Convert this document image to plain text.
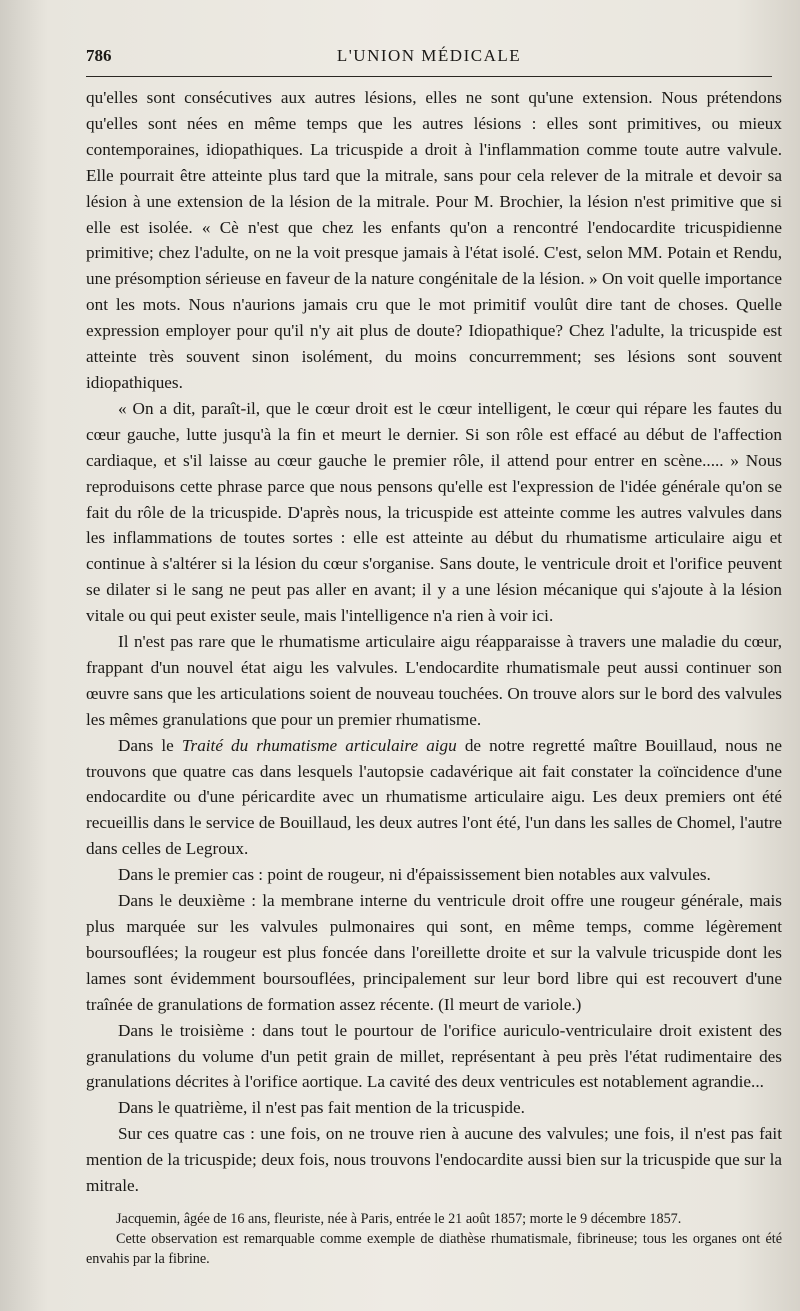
786	L'UNION MÉDICALE

qu'elles sont consécutives aux autres lésions, elles ne sont qu'une extension. Nous prétendons qu'elles sont nées en même temps que les autres lésions : elles sont primitives, ou mieux contemporaines, idiopathiques. La tricuspide a droit à l'inflammation comme toute autre valvule. Elle pourrait être atteinte plus tard que la mitrale, sans pour cela relever de la mitrale et devoir sa lésion à une extension de la lésion de la mitrale. Pour M. Brochier, la lésion n'est primitive que si elle est isolée. « Cè n'est que chez les enfants qu'on a rencontré l'endocardite tricuspidienne primitive; chez l'adulte, on ne la voit presque jamais à l'état isolé. C'est, selon MM. Potain et Rendu, une présomption sérieuse en faveur de la nature congénitale de la lésion. » On voit quelle importance ont les mots. Nous n'aurions jamais cru que le mot primitif voulût dire tant de choses. Quelle expression employer pour qu'il n'y ait plus de doute? Idiopathique? Chez l'adulte, la tricuspide est atteinte très souvent sinon isolément, du moins concurremment; ses lésions sont souvent idiopathiques.

« On a dit, paraît-il, que le cœur droit est le cœur intelligent, le cœur qui répare les fautes du cœur gauche, lutte jusqu'à la fin et meurt le dernier. Si son rôle est effacé au début de l'affection cardiaque, et s'il laisse au cœur gauche le premier rôle, il attend pour entrer en scène..... » Nous reproduisons cette phrase parce que nous pensons qu'elle est l'expression de l'idée générale qu'on se fait du rôle de la tricuspide. D'après nous, la tricuspide est atteinte comme les autres valvules dans les inflammations de toutes sortes : elle est atteinte au début du rhumatisme articulaire aigu et continue à s'altérer si la lésion du cœur s'organise. Sans doute, le ventricule droit et l'orifice peuvent se dilater si le sang ne peut pas aller en avant; il y a une lésion mécanique qui s'ajoute à la lésion vitale ou qui peut exister seule, mais l'intelligence n'a rien à voir ici.

Il n'est pas rare que le rhumatisme articulaire aigu réapparaisse à travers une maladie du cœur, frappant d'un nouvel état aigu les valvules. L'endocardite rhumatismale peut aussi continuer son œuvre sans que les articulations soient de nouveau touchées. On trouve alors sur le bord des valvules les mêmes granulations que pour un premier rhumatisme.

Dans le Traité du rhumatisme articulaire aigu de notre regretté maître Bouillaud, nous ne trouvons que quatre cas dans lesquels l'autopsie cadavérique ait fait constater la coïncidence d'une endocardite ou d'une péricardite avec un rhumatisme articulaire aigu. Les deux premiers ont été recueillis dans le service de Bouillaud, les deux autres l'ont été, l'un dans les salles de Chomel, l'autre dans celles de Legroux.

Dans le premier cas : point de rougeur, ni d'épaississement bien notables aux valvules.

Dans le deuxième : la membrane interne du ventricule droit offre une rougeur générale, mais plus marquée sur les valvules pulmonaires qui sont, en même temps, comme légèrement boursouflées; la rougeur est plus foncée dans l'oreillette droite et sur la valvule tricuspide dont les lames sont évidemment boursouflées, principalement sur leur bord libre qui est recouvert d'une traînée de granulations de formation assez récente. (Il meurt de variole.)

Dans le troisième : dans tout le pourtour de l'orifice auriculo-ventriculaire droit existent des granulations du volume d'un petit grain de millet, représentant à peu près l'état rudimentaire des granulations décrites à l'orifice aortique. La cavité des deux ventricules est notablement agrandie...

Dans le quatrième, il n'est pas fait mention de la tricuspide.

Sur ces quatre cas : une fois, on ne trouve rien à aucune des valvules; une fois, il n'est pas fait mention de la tricuspide; deux fois, nous trouvons l'endocardite aussi bien sur la tricuspide que sur la mitrale.

Jacquemin, âgée de 16 ans, fleuriste, née à Paris, entrée le 21 août 1857; morte le 9 décembre 1857.

Cette observation est remarquable comme exemple de diathèse rhumatismale, fibrineuse; tous les organes ont été envahis par la fibrine.
